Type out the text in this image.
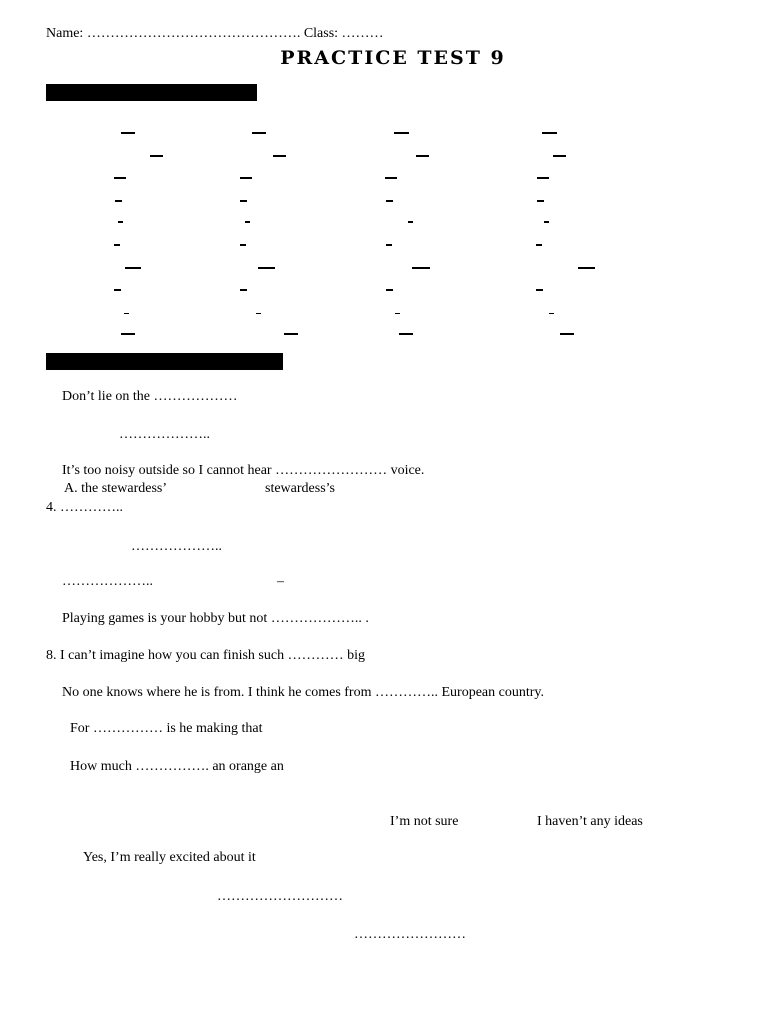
Name: ………………………………………. Class: ………
PRACTICE TEST 9
Don’t lie on the ………………
………………..
It’s too noisy outside so I cannot hear …………………… voice.
A. the stewardess’	stewardess’s
4. …………..
………………..
………………..	–
Playing games is your hobby but not ……………….. .
8. I can’t imagine how you can finish such ………… big
No one knows where he is from. I think he comes from ………….. European country.
For …………… is he making that
How much ……………. an orange an
I’m not sure	I haven’t any ideas
Yes, I’m really excited about it
………………………
……………………
